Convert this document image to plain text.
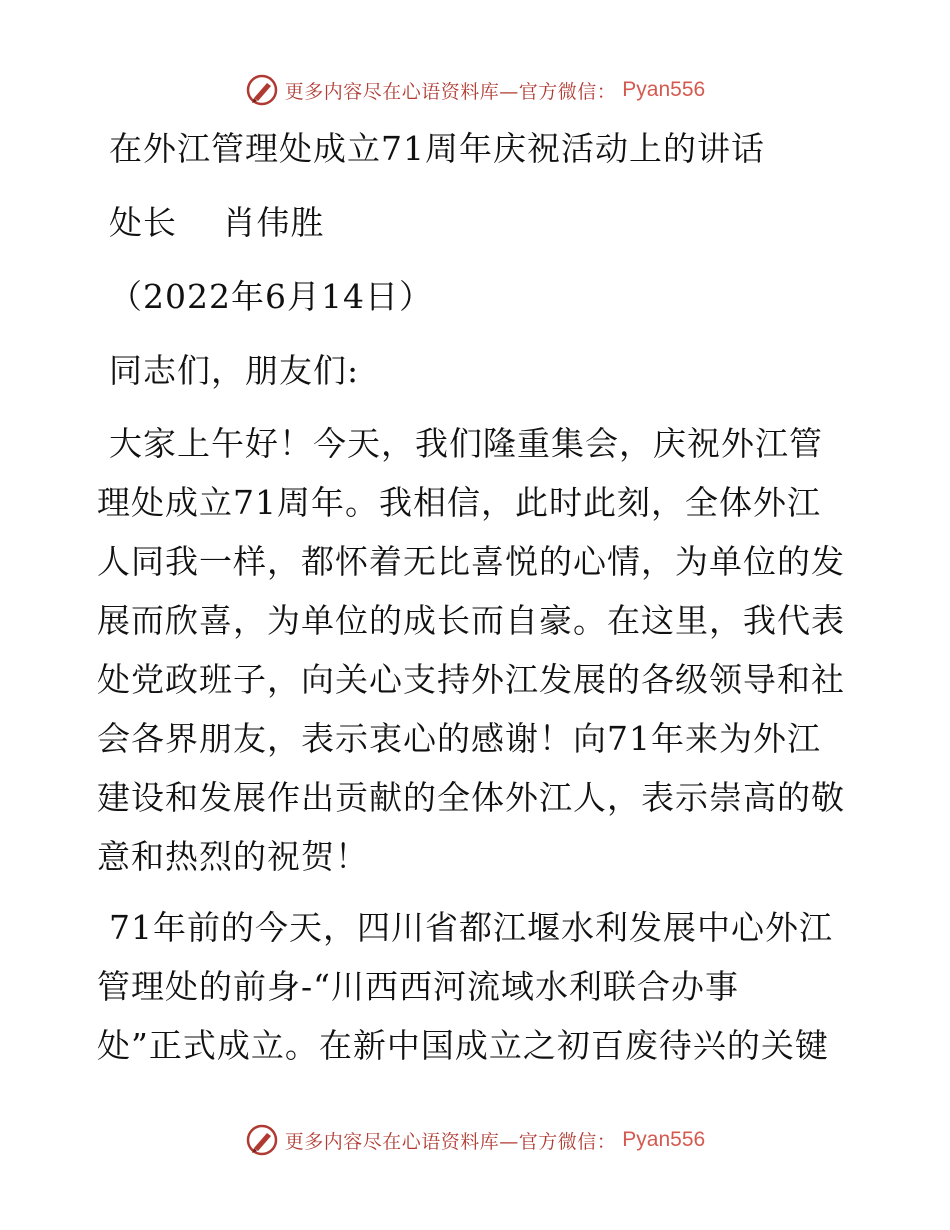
更多内容尽在心语资料库—官方微信： Pyan556

在外江管理处成立71周年庆祝活动上的讲话

处长　 肖伟胜

（2022年6月14日）

同志们，朋友们:

大家上午好！今天，我们隆重集会，庆祝外江管

理处成立71周年。我相信，此时此刻，全体外江

人同我一样，都怀着无比喜悦的心情，为单位的发

展而欣喜，为单位的成长而自豪。在这里，我代表

处党政班子，向关心支持外江发展的各级领导和社

会各界朋友，表示衷心的感谢！向71年来为外江

建设和发展作出贡献的全体外江人，表示崇高的敬

意和热烈的祝贺！

71年前的今天，四川省都江堰水利发展中心外江

管理处的前身-“川西西河流域水利联合办事

处”正式成立。在新中国成立之初百废待兴的关键

更多内容尽在心语资料库—官方微信： Pyan556
